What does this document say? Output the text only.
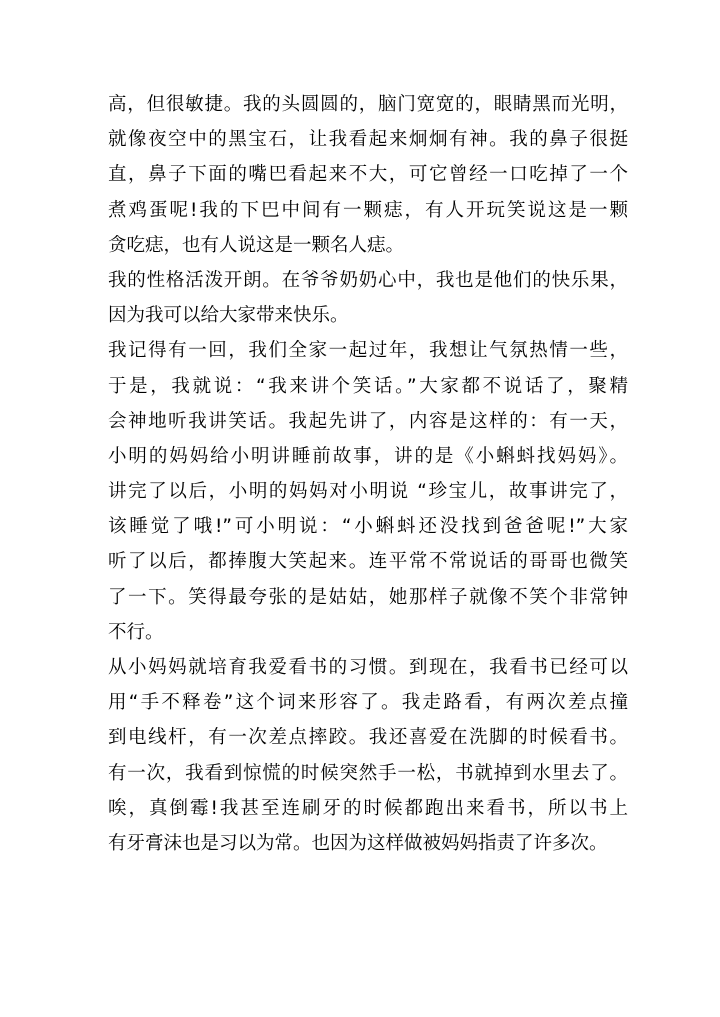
高，但很敏捷。我的头圆圆的，脑门宽宽的，眼睛黑而光明，
就像夜空中的黑宝石，让我看起来炯炯有神。我的鼻子很挺
直，鼻子下面的嘴巴看起来不大，可它曾经一口吃掉了一个
煮鸡蛋呢!我的下巴中间有一颗痣，有人开玩笑说这是一颗
贪吃痣，也有人说这是一颗名人痣。
我的性格活泼开朗。在爷爷奶奶心中，我也是他们的快乐果，
因为我可以给大家带来快乐。
我记得有一回，我们全家一起过年，我想让气氛热情一些，
于是，我就说：“我来讲个笑话。”大家都不说话了，聚精
会神地听我讲笑话。我起先讲了，内容是这样的：有一天，
小明的妈妈给小明讲睡前故事，讲的是《小蝌蚪找妈妈》。
讲完了以后，小明的妈妈对小明说 “珍宝儿，故事讲完了，
该睡觉了哦!”可小明说：“小蝌蚪还没找到爸爸呢!”大家
听了以后，都捧腹大笑起来。连平常不常说话的哥哥也微笑
了一下。笑得最夸张的是姑姑，她那样子就像不笑个非常钟
不行。
从小妈妈就培育我爱看书的习惯。到现在，我看书已经可以
用“手不释卷”这个词来形容了。我走路看，有两次差点撞
到电线杆，有一次差点摔跤。我还喜爱在洗脚的时候看书。
有一次，我看到惊慌的时候突然手一松，书就掉到水里去了。
唉，真倒霉!我甚至连刷牙的时候都跑出来看书，所以书上
有牙膏沫也是习以为常。也因为这样做被妈妈指责了许多次。
